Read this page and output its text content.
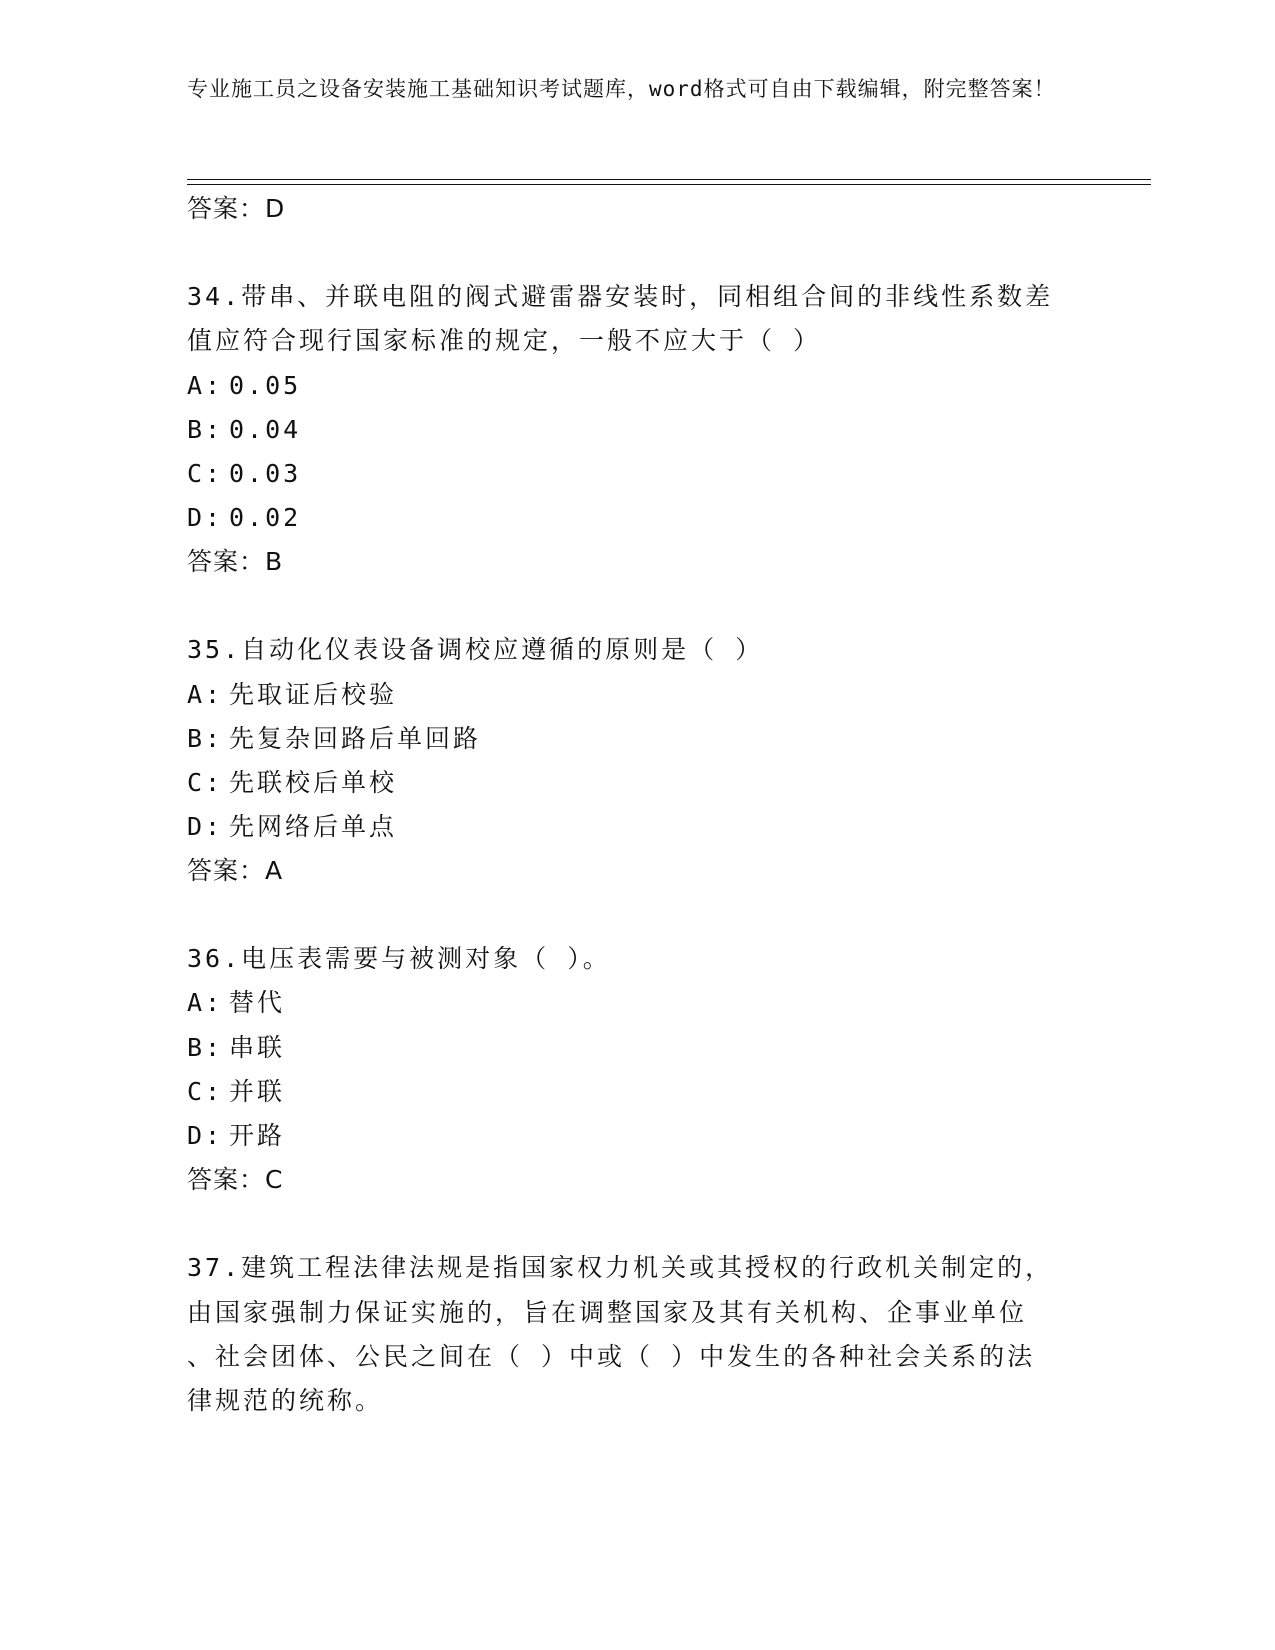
专业施工员之设备安装施工基础知识考试题库，word格式可自由下载编辑，附完整答案！
答案：D
34.带串、并联电阻的阀式避雷器安装时，同相组合间的非线性系数差
值应符合现行国家标准的规定，一般不应大于（ ）
A: 0.05
B: 0.04
C: 0.03
D: 0.02
答案：B
35.自动化仪表设备调校应遵循的原则是（ ）
A: 先取证后校验
B: 先复杂回路后单回路
C: 先联校后单校
D: 先网络后单点
答案：A
36.电压表需要与被测对象（ ）。
A: 替代
B: 串联
C: 并联
D: 开路
答案：C
37.建筑工程法律法规是指国家权力机关或其授权的行政机关制定的，
由国家强制力保证实施的，旨在调整国家及其有关机构、企事业单位
、社会团体、公民之间在（ ）中或（ ）中发生的各种社会关系的法
律规范的统称。
